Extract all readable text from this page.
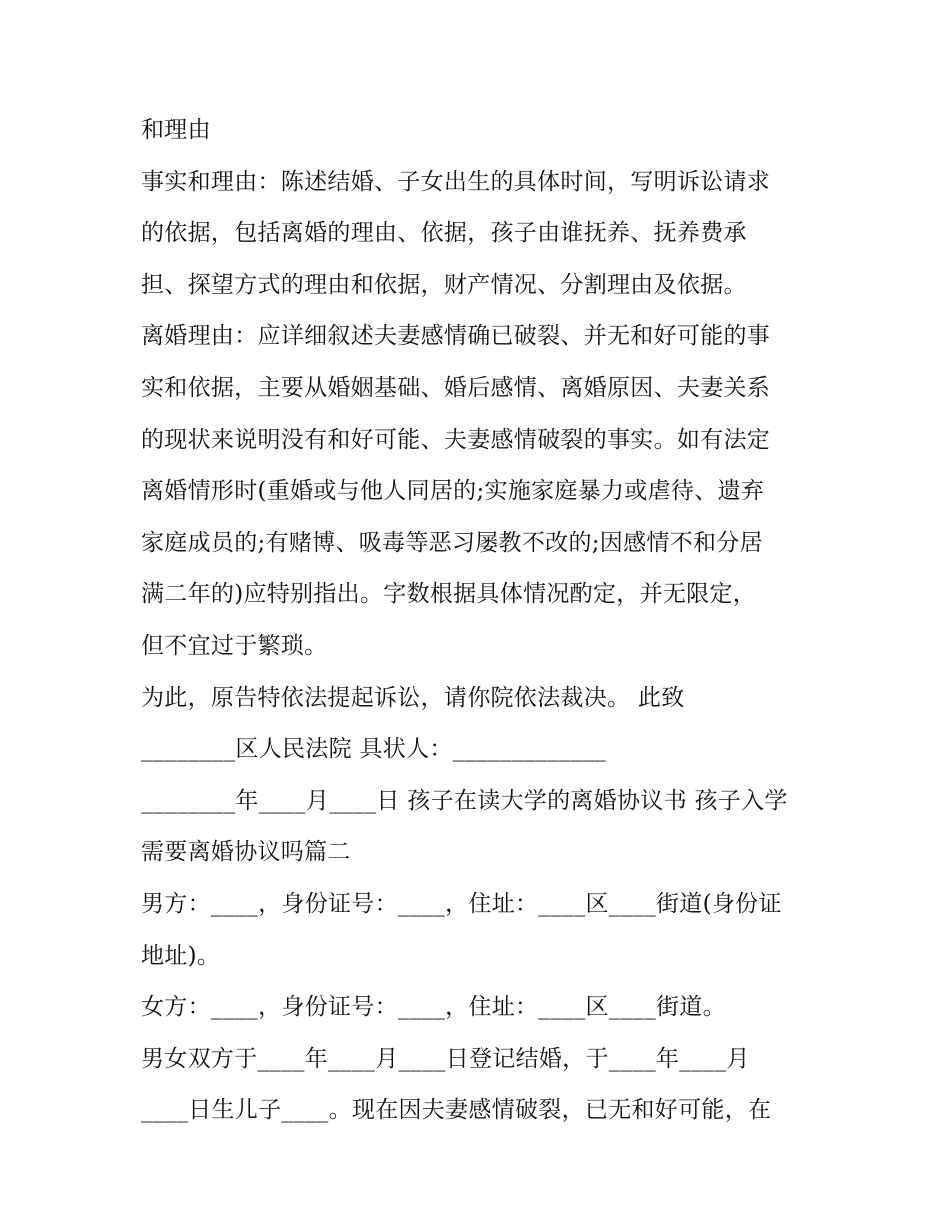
和理由
事实和理由：陈述结婚、子女出生的具体时间，写明诉讼请求
的依据，包括离婚的理由、依据，孩子由谁抚养、抚养费承
担、探望方式的理由和依据，财产情况、分割理由及依据。
离婚理由：应详细叙述夫妻感情确已破裂、并无和好可能的事
实和依据，主要从婚姻基础、婚后感情、离婚原因、夫妻关系
的现状来说明没有和好可能、夫妻感情破裂的事实。如有法定
离婚情形时(重婚或与他人同居的;实施家庭暴力或虐待、遗弃
家庭成员的;有赌博、吸毒等恶习屡教不改的;因感情不和分居
满二年的)应特别指出。字数根据具体情况酌定，并无限定，
但不宜过于繁琐。
为此，原告特依法提起诉讼，请你院依法裁决。 此致
________区人民法院 具状人：_____________
________年____月____日 孩子在读大学的离婚协议书 孩子入学
需要离婚协议吗篇二
男方：____，身份证号：____，住址：____区____街道(身份证
地址)。
女方：____，身份证号：____，住址：____区____街道。
男女双方于____年____月____日登记结婚，于____年____月
____日生儿子____。现在因夫妻感情破裂，已无和好可能，在
